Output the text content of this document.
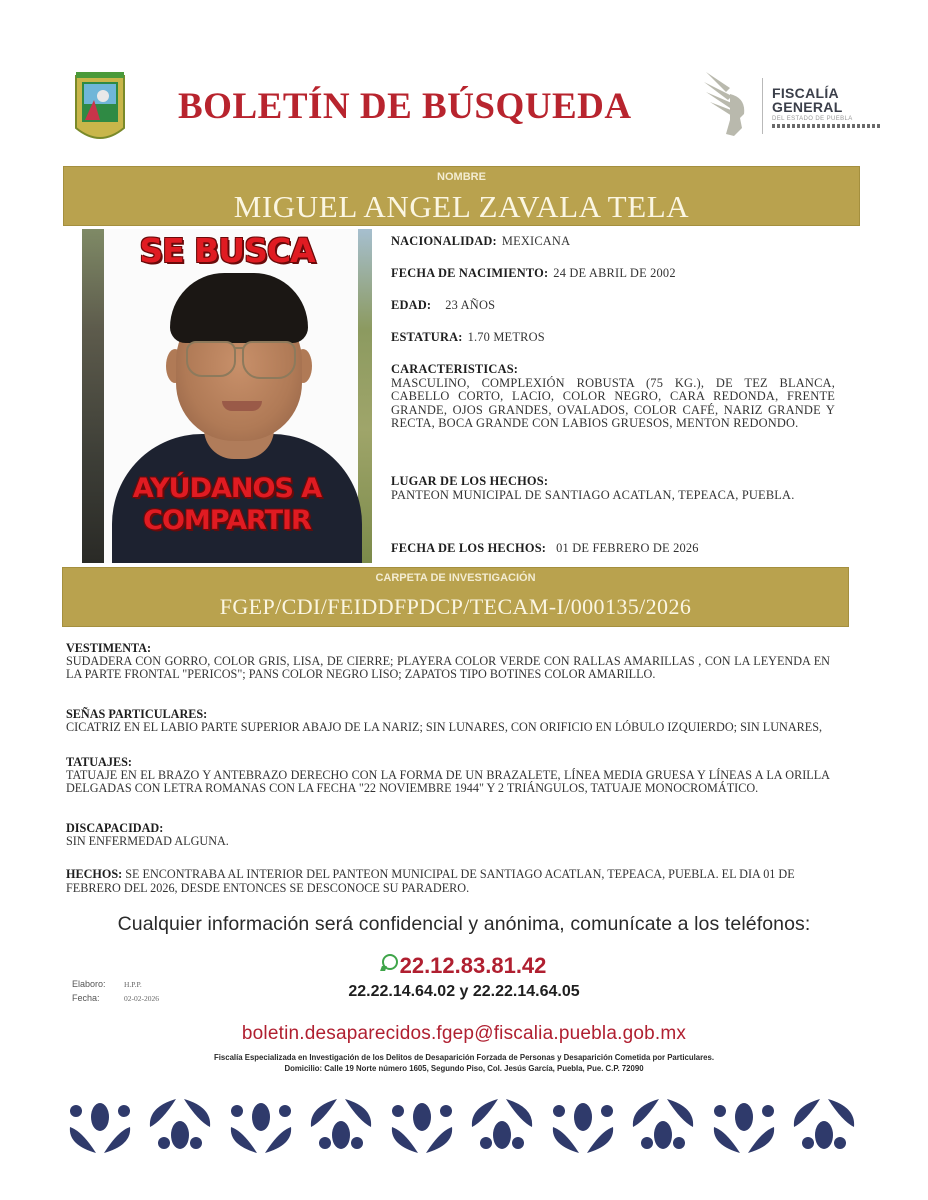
BOLETÍN DE BÚSQUEDA	FISCALÍA
GENERAL
DEL ESTADO DE PUEBLA
NOMBRE
MIGUEL ANGEL ZAVALA TELA
SE BUSCA
AYÚDANOS A
COMPARTIR
NACIONALIDAD: MEXICANA
FECHA DE NACIMIENTO: 24 DE ABRIL DE 2002
EDAD: 23 AÑOS
ESTATURA: 1.70 METROS
CARACTERISTICAS:
MASCULINO, COMPLEXIÓN ROBUSTA (75 KG.), DE TEZ BLANCA, CABELLO CORTO, LACIO, COLOR NEGRO, CARA REDONDA, FRENTE GRANDE, OJOS GRANDES, OVALADOS, COLOR CAFÉ, NARIZ GRANDE Y RECTA, BOCA GRANDE CON LABIOS GRUESOS, MENTON REDONDO.
LUGAR DE LOS HECHOS:
PANTEON MUNICIPAL DE SANTIAGO ACATLAN, TEPEACA, PUEBLA.
FECHA DE LOS HECHOS: 01 DE FEBRERO DE 2026
CARPETA DE INVESTIGACIÓN
FGEP/CDI/FEIDDFPDCP/TECAM-I/000135/2026
VESTIMENTA:
SUDADERA CON GORRO, COLOR GRIS, LISA, DE CIERRE; PLAYERA COLOR VERDE CON RALLAS AMARILLAS , CON LA LEYENDA EN LA PARTE FRONTAL "PERICOS"; PANS COLOR NEGRO LISO; ZAPATOS TIPO BOTINES COLOR AMARILLO.
SEÑAS PARTICULARES:
CICATRIZ EN EL LABIO PARTE SUPERIOR ABAJO DE LA NARIZ; SIN LUNARES, CON ORIFICIO EN LÓBULO IZQUIERDO; SIN LUNARES,
TATUAJES:
TATUAJE EN EL BRAZO Y ANTEBRAZO DERECHO CON LA FORMA DE UN BRAZALETE, LÍNEA MEDIA GRUESA Y LÍNEAS A LA ORILLA DELGADAS CON LETRA ROMANAS CON LA FECHA "22 NOVIEMBRE 1944" Y 2 TRIÁNGULOS, TATUAJE MONOCROMÁTICO.
DISCAPACIDAD:
SIN ENFERMEDAD ALGUNA.
HECHOS: SE ENCONTRABA AL INTERIOR DEL PANTEON MUNICIPAL DE SANTIAGO ACATLAN, TEPEACA, PUEBLA. EL DIA 01 DE FEBRERO DEL 2026, DESDE ENTONCES SE DESCONOCE SU PARADERO.
Cualquier información será confidencial y anónima, comunícate a los teléfonos:
22.12.83.81.42
22.22.14.64.02 y 22.22.14.64.05
Elaboro: H.P.P.
Fecha:	02-02-2026
boletin.desaparecidos.fgep@fiscalia.puebla.gob.mx
Fiscalía Especializada en Investigación de los Delitos de Desaparición Forzada de Personas y Desaparición Cometida por Particulares.
Domicilio: Calle 19 Norte número 1605, Segundo Piso, Col. Jesús García, Puebla, Pue. C.P. 72090
